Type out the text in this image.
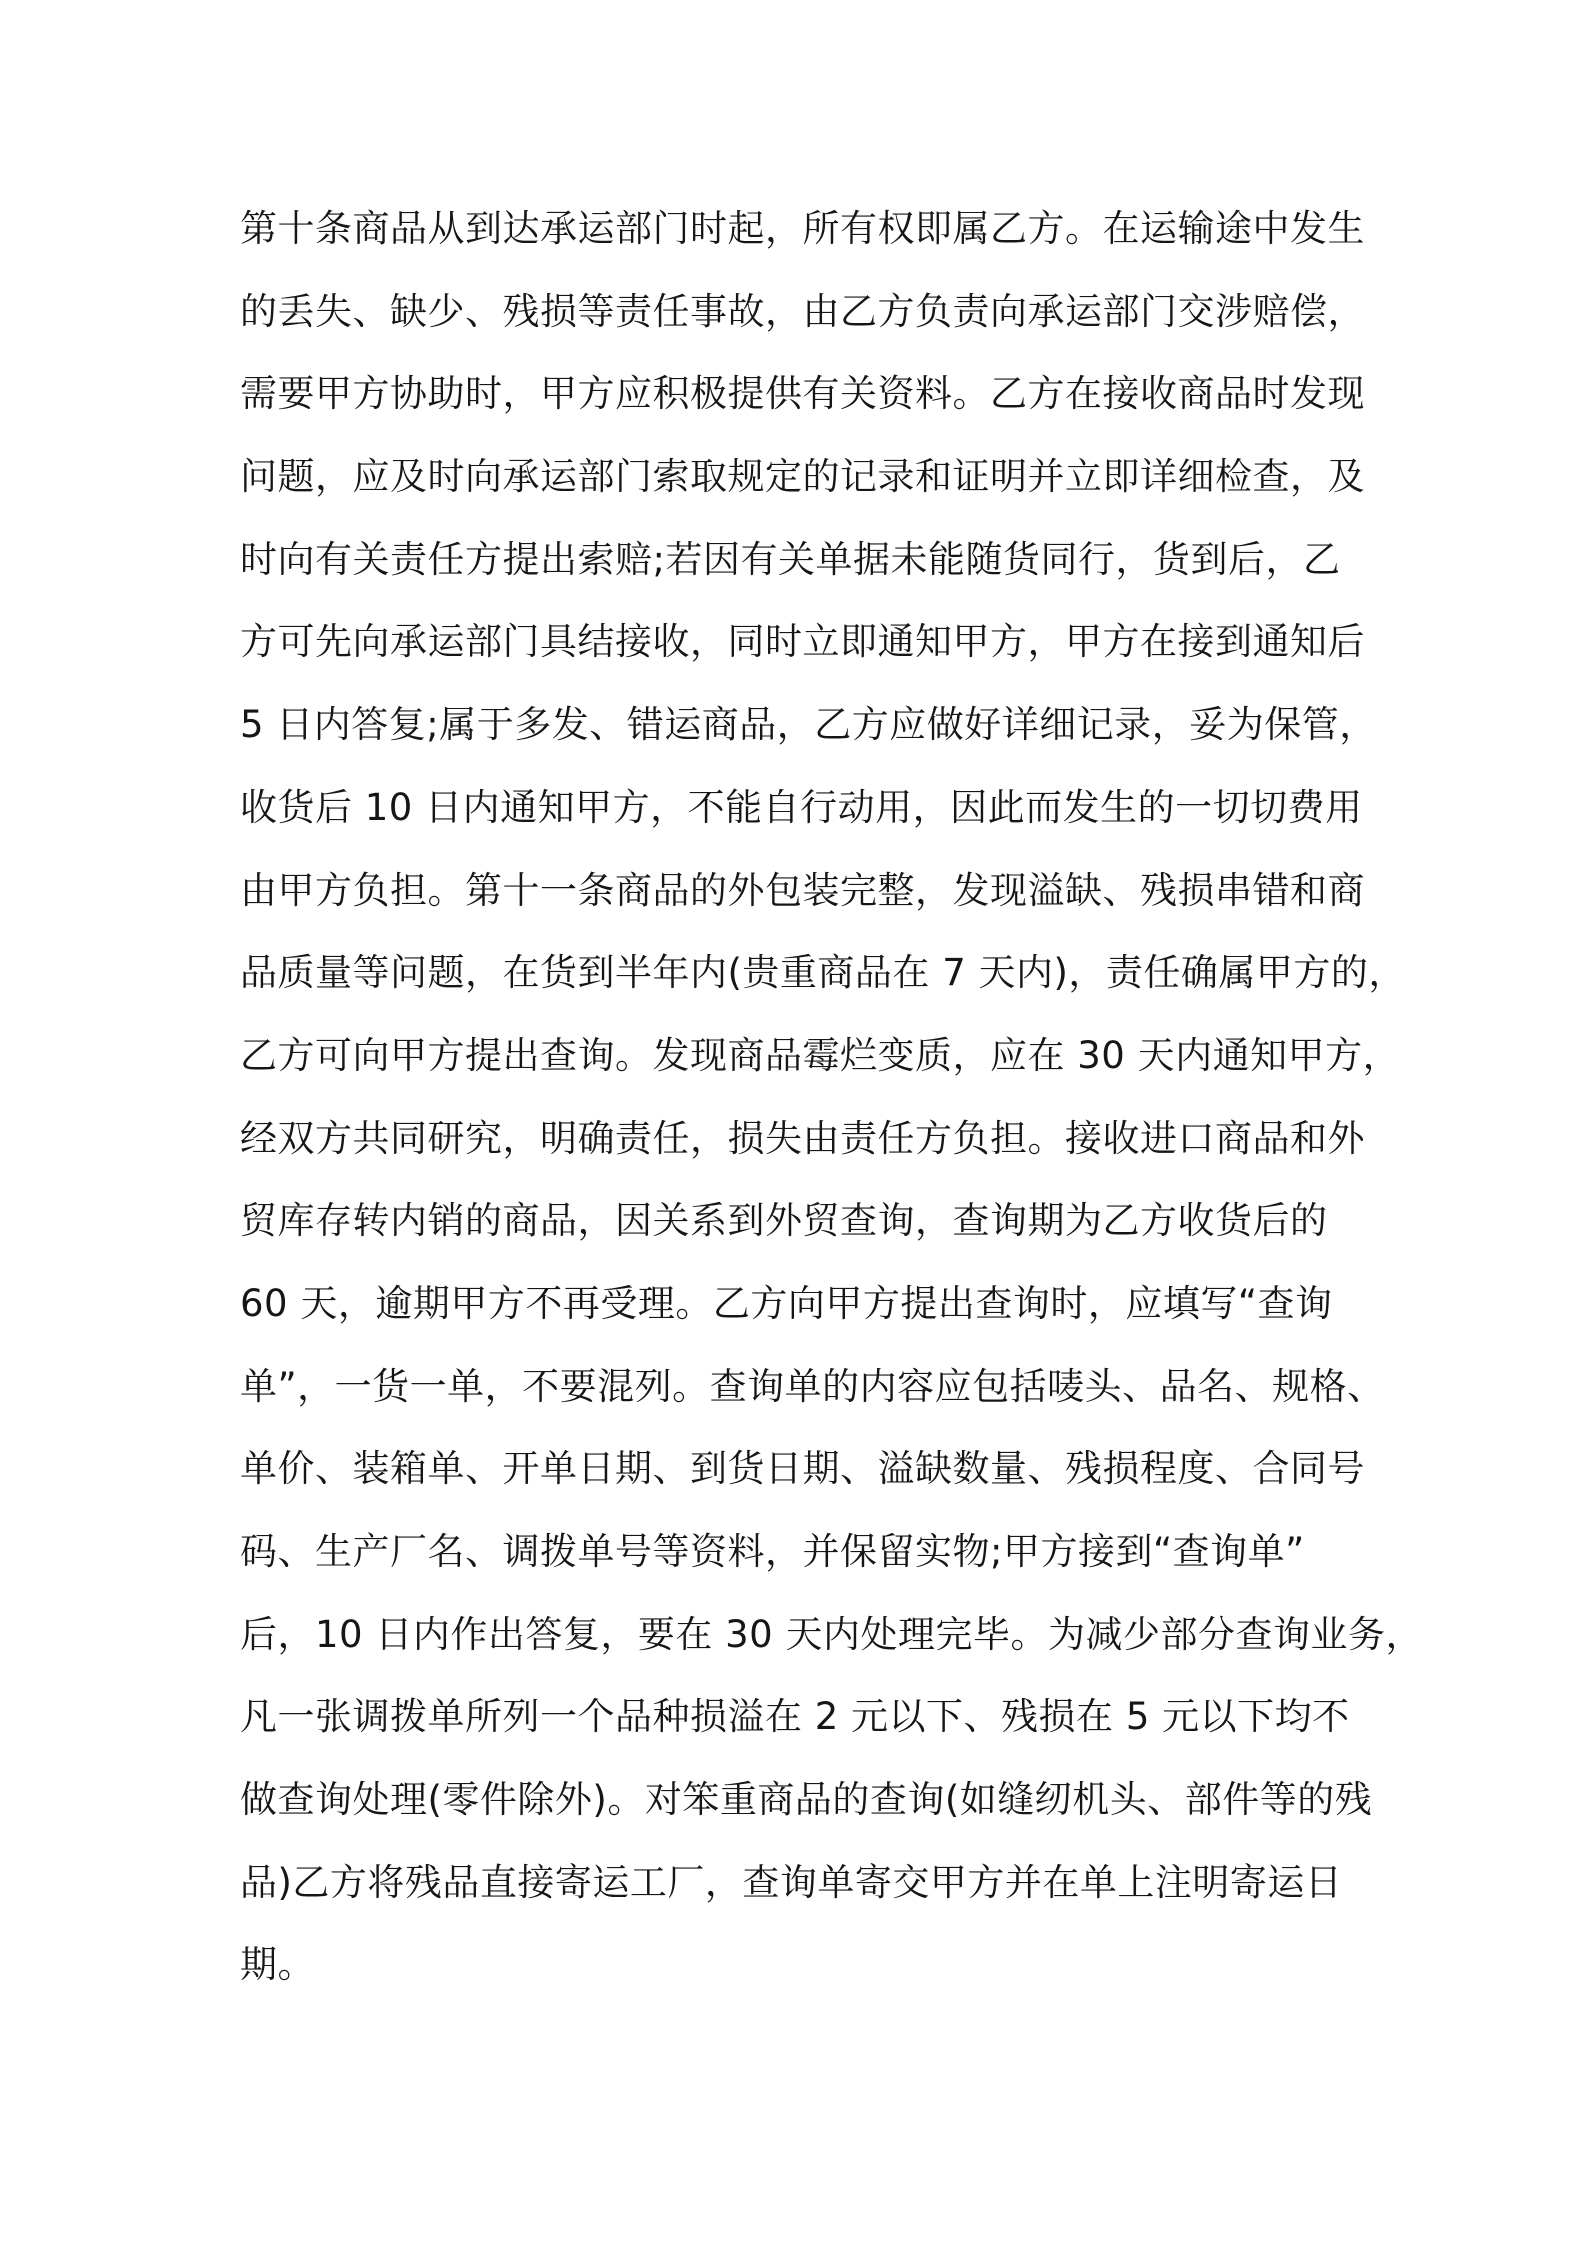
第十条商品从到达承运部门时起，所有权即属乙方。在运输途中发生
的丢失、缺少、残损等责任事故，由乙方负责向承运部门交涉赔偿，
需要甲方协助时，甲方应积极提供有关资料。乙方在接收商品时发现
问题，应及时向承运部门索取规定的记录和证明并立即详细检查，及
时向有关责任方提出索赔;若因有关单据未能随货同行，货到后，乙
方可先向承运部门具结接收，同时立即通知甲方，甲方在接到通知后
5 日内答复;属于多发、错运商品，乙方应做好详细记录，妥为保管，
收货后 10 日内通知甲方，不能自行动用，因此而发生的一切切费用
由甲方负担。第十一条商品的外包装完整，发现溢缺、残损串错和商
品质量等问题，在货到半年内(贵重商品在 7 天内)，责任确属甲方的，
乙方可向甲方提出查询。发现商品霉烂变质，应在 30 天内通知甲方，
经双方共同研究，明确责任，损失由责任方负担。接收进口商品和外
贸库存转内销的商品，因关系到外贸查询，查询期为乙方收货后的
60 天，逾期甲方不再受理。乙方向甲方提出查询时，应填写“查询
单”，一货一单，不要混列。查询单的内容应包括唛头、品名、规格、
单价、装箱单、开单日期、到货日期、溢缺数量、残损程度、合同号
码、生产厂名、调拨单号等资料，并保留实物;甲方接到“查询单”
后，10 日内作出答复，要在 30 天内处理完毕。为减少部分查询业务，
凡一张调拨单所列一个品种损溢在 2 元以下、残损在 5 元以下均不
做查询处理(零件除外)。对笨重商品的查询(如缝纫机头、部件等的残
品)乙方将残品直接寄运工厂，查询单寄交甲方并在单上注明寄运日
期。
